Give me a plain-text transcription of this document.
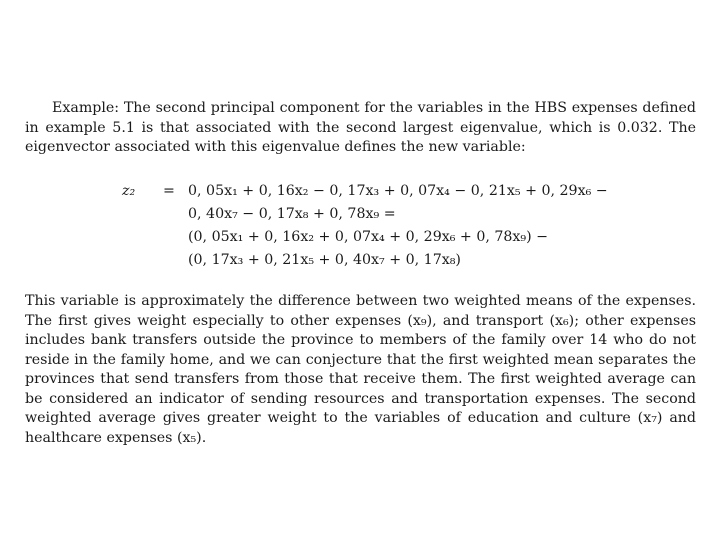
Example: The second principal component for the variables in the HBS expenses defined in example 5.1 is that associated with the second largest eigenvalue, which is 0.032. The eigenvector associated with this eigenvalue defines the new variable:

z₂	= 0, 05x₁ + 0, 16x₂ − 0, 17x₃ + 0, 07x₄ − 0, 21x₅ + 0, 29x₆ −
0, 40x₇ − 0, 17x₈ + 0, 78x₉ =
(0, 05x₁ + 0, 16x₂ + 0, 07x₄ + 0, 29x₆ + 0, 78x₉) −
(0, 17x₃ + 0, 21x₅ + 0, 40x₇ + 0, 17x₈)

This variable is approximately the difference between two weighted means of the expenses. The first gives weight especially to other expenses (x₉), and transport (x₆); other expenses includes bank transfers outside the province to members of the family over 14 who do not reside in the family home, and we can conjecture that the first weighted mean separates the provinces that send transfers from those that receive them. The first weighted average can be considered an indicator of sending resources and transportation expenses. The second weighted average gives greater weight to the variables of education and culture (x₇) and healthcare expenses (x₅).
